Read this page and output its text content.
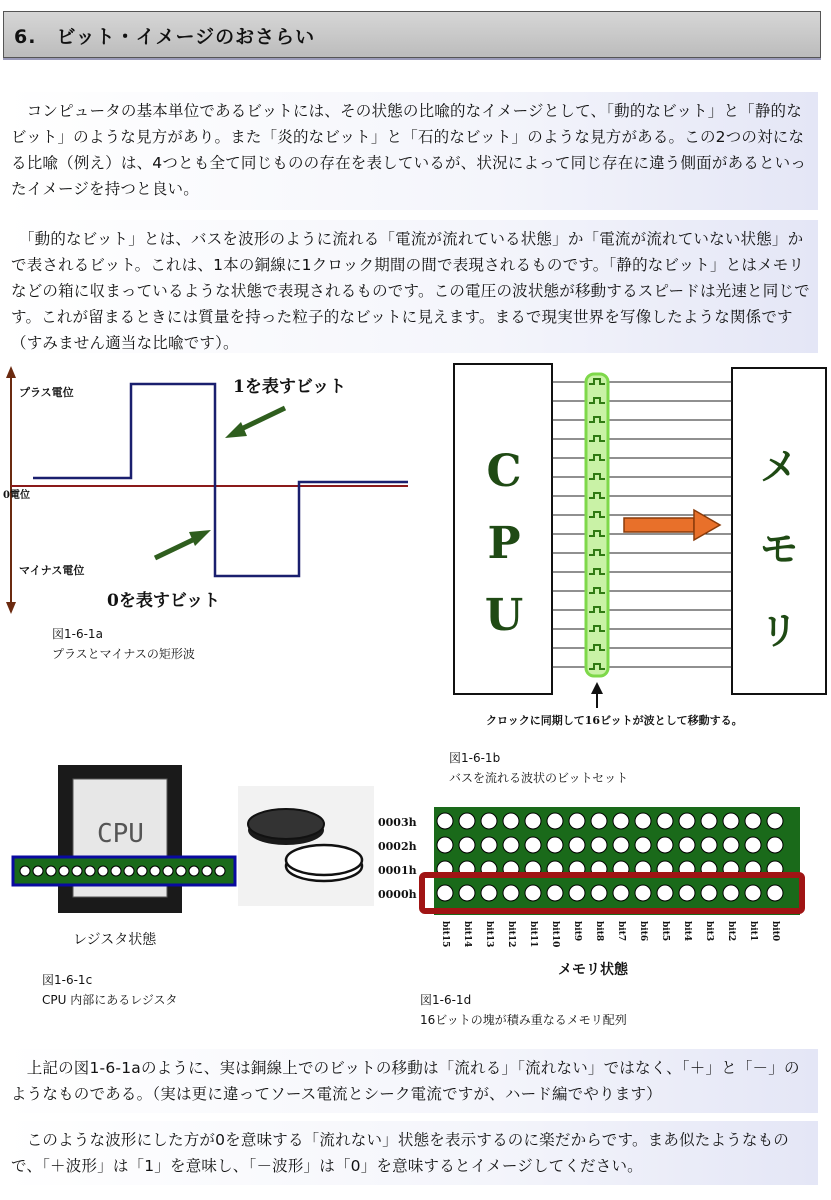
6.　ビット・イメージのおさらい
　コンピュータの基本単位であるビットには、その状態の比喩的なイメージとして、「動的なビット」と「静的なビット」のような見方があり。また「炎的なビット」と「石的なビット」のような見方がある。この2つの対になる比喩（例え）は、4つとも全て同じものの存在を表しているが、状況によって同じ存在に違う側面があるといったイメージを持つと良い。
　「動的なビット」とは、バスを波形のように流れる「電流が流れている状態」か「電流が流れていない状態」かで表されるビット。これは、1本の銅線に1クロック期間の間で表現されるものです。「静的なビット」とはメモリなどの箱に収まっているような状態で表現されるものです。この電圧の波状態が移動するスピードは光速と同じです。これが留まるときには質量を持った粒子的なビットに見えます。まるで現実世界を写像したような関係です（すみません適当な比喩です）。
プラス電位
0電位
マイナス電位
1を表すビット
0を表すビット
図1-6-1a
プラスとマイナスの矩形波
C P U
メ モ リ
クロックに同期して16ビットが波として移動する。
図1-6-1b
バスを流れる波状のビットセット
CPU
レジスタ状態
図1-6-1c
CPU 内部にあるレジスタ
0003h
0002h
0001h
0000h
bit15 bit14 bit13 bit12 bit11 bit10 bit9 bit8 bit7 bit6 bit5 bit4 bit3 bit2 bit1 bit0
メモリ状態
図1-6-1d
16ビットの塊が積み重なるメモリ配列
　上記の図1-6-1aのように、実は銅線上でのビットの移動は「流れる」「流れない」ではなく、「＋」と「－」のようなものである。（実は更に違ってソース電流とシーク電流ですが、ハード編でやります）
　このような波形にした方が0を意味する「流れない」状態を表示するのに楽だからです。まあ似たようなもので、「＋波形」は「1」を意味し、「－波形」は「0」を意味するとイメージしてください。
